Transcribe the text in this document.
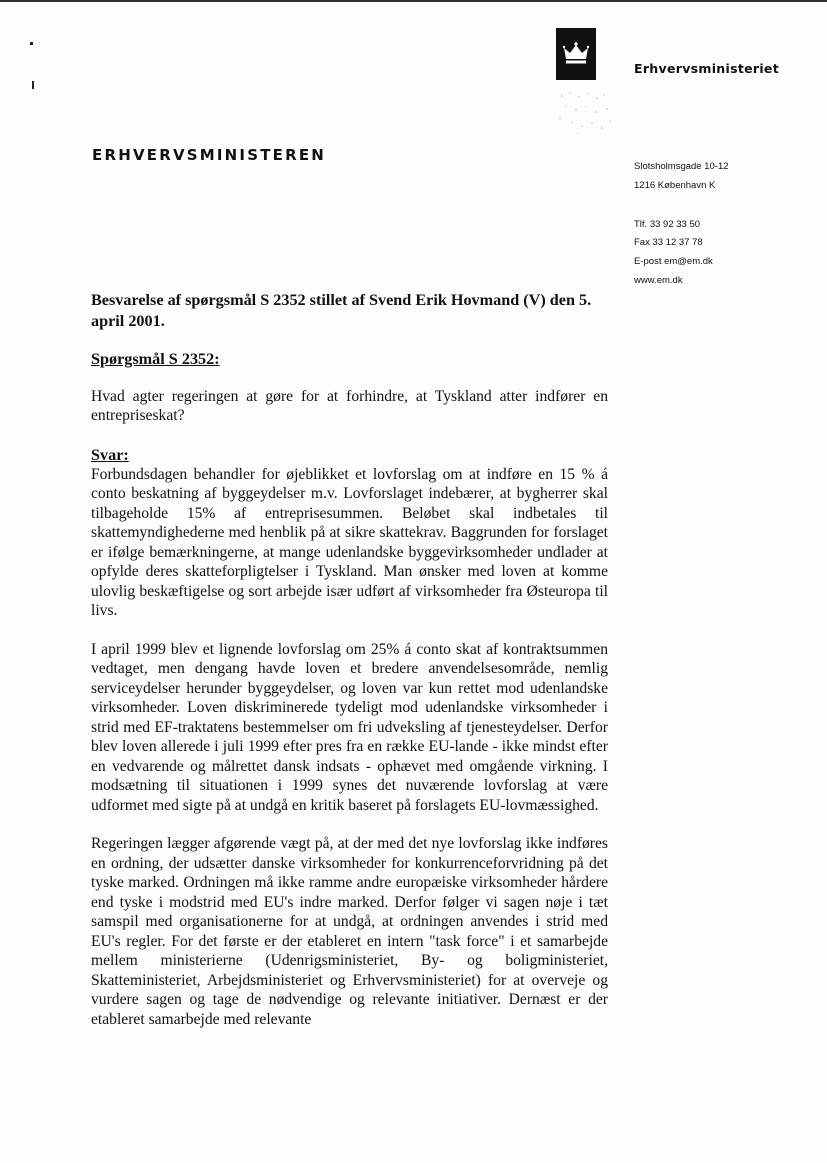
Erhvervsministeriet
ERHVERVSMINISTEREN
Slotsholmsgade 10-12
1216 København K
Tlf. 33 92 33 50
Fax 33 12 37 78
E-post em@em.dk
www.em.dk

Besvarelse af spørgsmål S 2352 stillet af Svend Erik Hovmand (V) den 5. april 2001.

Spørgsmål S 2352:

Hvad agter regeringen at gøre for at forhindre, at Tyskland atter indfører en entrepriseskat?

Svar:

Forbundsdagen behandler for øjeblikket et lovforslag om at indføre en 15 % á conto beskatning af byggeydelser m.v. Lovforslaget indebærer, at bygherrer skal tilbageholde 15% af entreprisesummen. Beløbet skal indbetales til skattemyndighederne med henblik på at sikre skattekrav. Baggrunden for forslaget er ifølge bemærkningerne, at mange udenlandske byggevirksomheder undlader at opfylde deres skatteforpligtelser i Tyskland. Man ønsker med loven at komme ulovlig beskæftigelse og sort arbejde især udført af virksomheder fra Østeuropa til livs.

I april 1999 blev et lignende lovforslag om 25% á conto skat af kontraktsummen vedtaget, men dengang havde loven et bredere anvendelsesområde, nemlig serviceydelser herunder byggeydelser, og loven var kun rettet mod udenlandske virksomheder. Loven diskriminerede tydeligt mod udenlandske virksomheder i strid med EF-traktatens bestemmelser om fri udveksling af tjenesteydelser. Derfor blev loven allerede i juli 1999 efter pres fra en række EU-lande - ikke mindst efter en vedvarende og målrettet dansk indsats - ophævet med omgående virkning. I modsætning til situationen i 1999 synes det nuværende lovforslag at være udformet med sigte på at undgå en kritik baseret på forslagets EU-lovmæssighed.

Regeringen lægger afgørende vægt på, at der med det nye lovforslag ikke indføres en ordning, der udsætter danske virksomheder for konkurrenceforvridning på det tyske marked. Ordningen må ikke ramme andre europæiske virksomheder hårdere end tyske i modstrid med EU's indre marked. Derfor følger vi sagen nøje i tæt samspil med organisationerne for at undgå, at ordningen anvendes i strid med EU's regler. For det første er der etableret en intern "task force" i et samarbejde mellem ministerierne (Udenrigsministeriet, By- og boligministeriet, Skatteministeriet, Arbejdsministeriet og Erhvervsministeriet) for at overveje og vurdere sagen og tage de nødvendige og relevante initiativer. Dernæst er der etableret samarbejde med relevante
